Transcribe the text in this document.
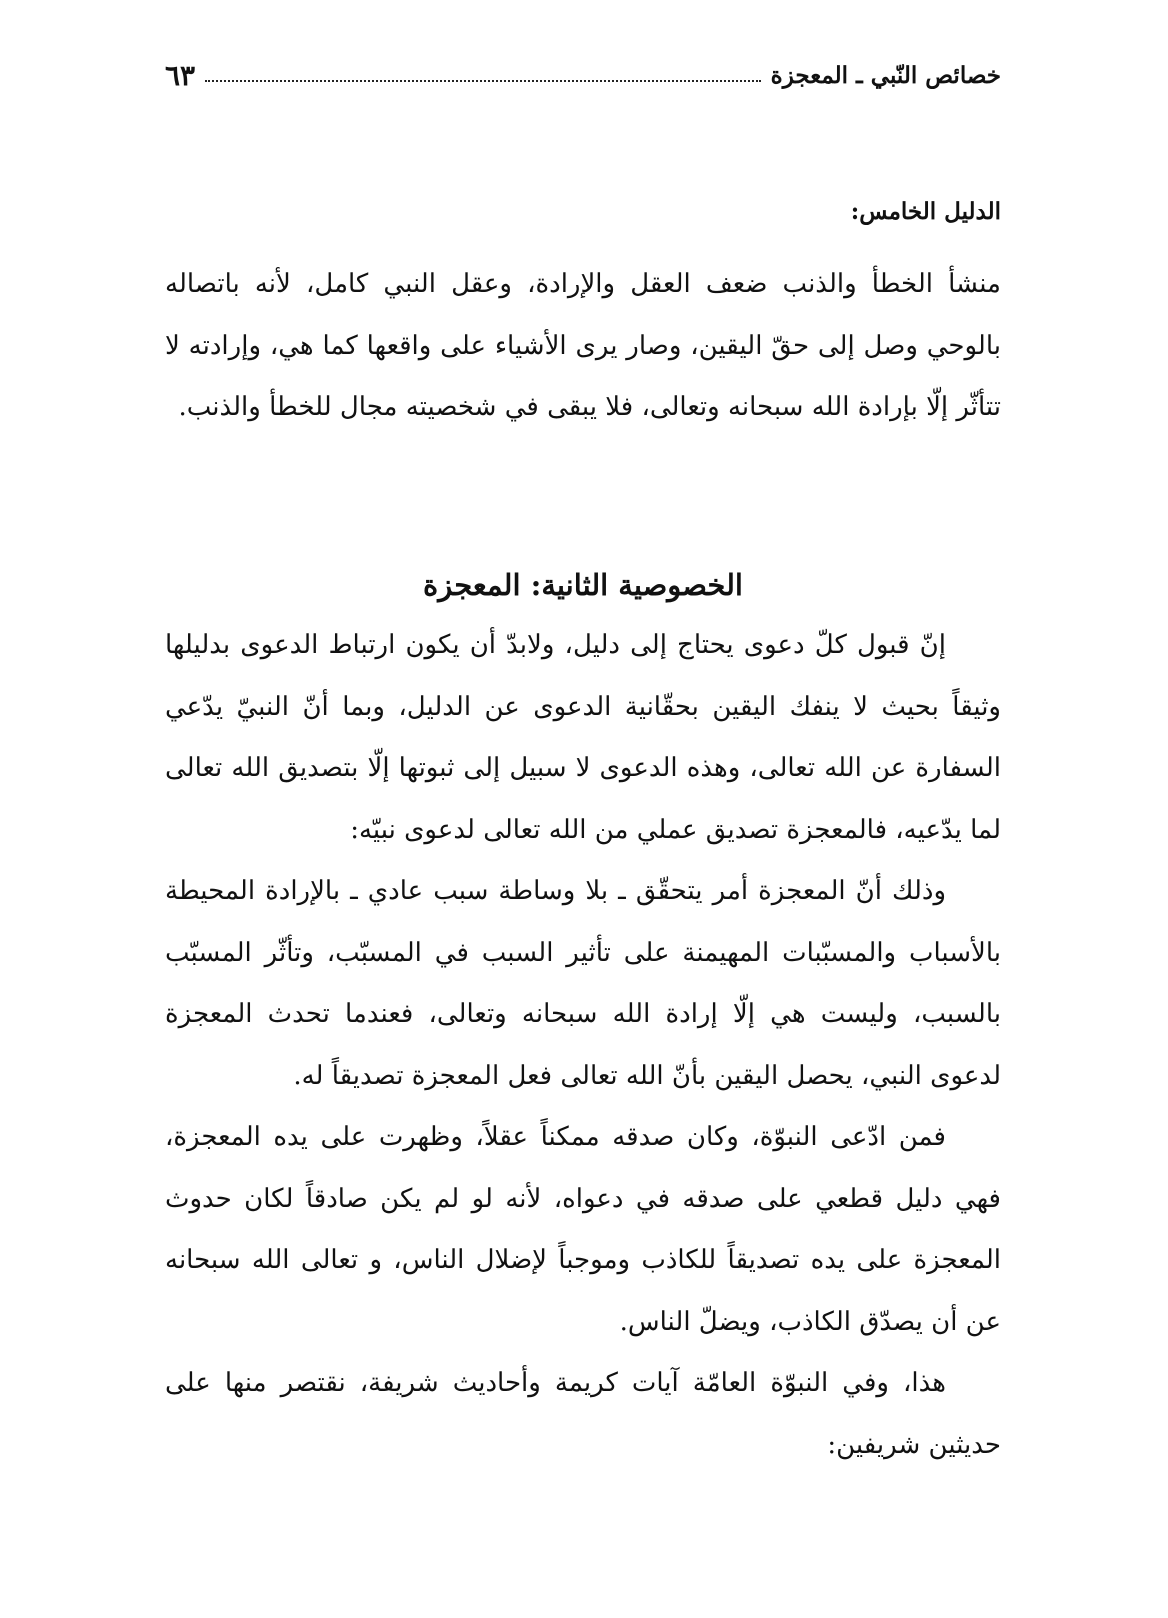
خصائص النّبي ـ المعجزة
٦٣
الدليل الخامس:

منشأ الخطأ والذنب ضعف العقل والإرادة، وعقل النبي كامل، لأنه باتصاله بالوحي وصل إلى حقّ اليقين، وصار يرى الأشياء على واقعها كما هي، وإرادته لا تتأثّر إلّا بإرادة الله سبحانه وتعالى، فلا يبقى في شخصيته مجال للخطأ والذنب.

الخصوصية الثانية: المعجزة

إنّ قبول كلّ دعوى يحتاج إلى دليل، ولابدّ أن يكون ارتباط الدعوى بدليلها وثيقاً بحيث لا ينفك اليقين بحقّانية الدعوى عن الدليل، وبما أنّ النبيّ يدّعي السفارة عن الله تعالى، وهذه الدعوى لا سبيل إلى ثبوتها إلّا بتصديق الله تعالى لما يدّعيه، فالمعجزة تصديق عملي من الله تعالى لدعوى نبيّه:

وذلك أنّ المعجزة أمر يتحقّق ـ بلا وساطة سبب عادي ـ بالإرادة المحيطة بالأسباب والمسبّبات المهيمنة على تأثير السبب في المسبّب، وتأثّر المسبّب بالسبب، وليست هي إلّا إرادة الله سبحانه وتعالى، فعندما تحدث المعجزة لدعوى النبي، يحصل اليقين بأنّ الله تعالى فعل المعجزة تصديقاً له.

فمن ادّعى النبوّة، وكان صدقه ممكناً عقلاً، وظهرت على يده المعجزة، فهي دليل قطعي على صدقه في دعواه، لأنه لو لم يكن صادقاً لكان حدوث المعجزة على يده تصديقاً للكاذب وموجباً لإضلال الناس، و تعالى الله سبحانه عن أن يصدّق الكاذب، ويضلّ الناس.

هذا، وفي النبوّة العامّة آيات كريمة وأحاديث شريفة، نقتصر منها على حديثين شريفين:
